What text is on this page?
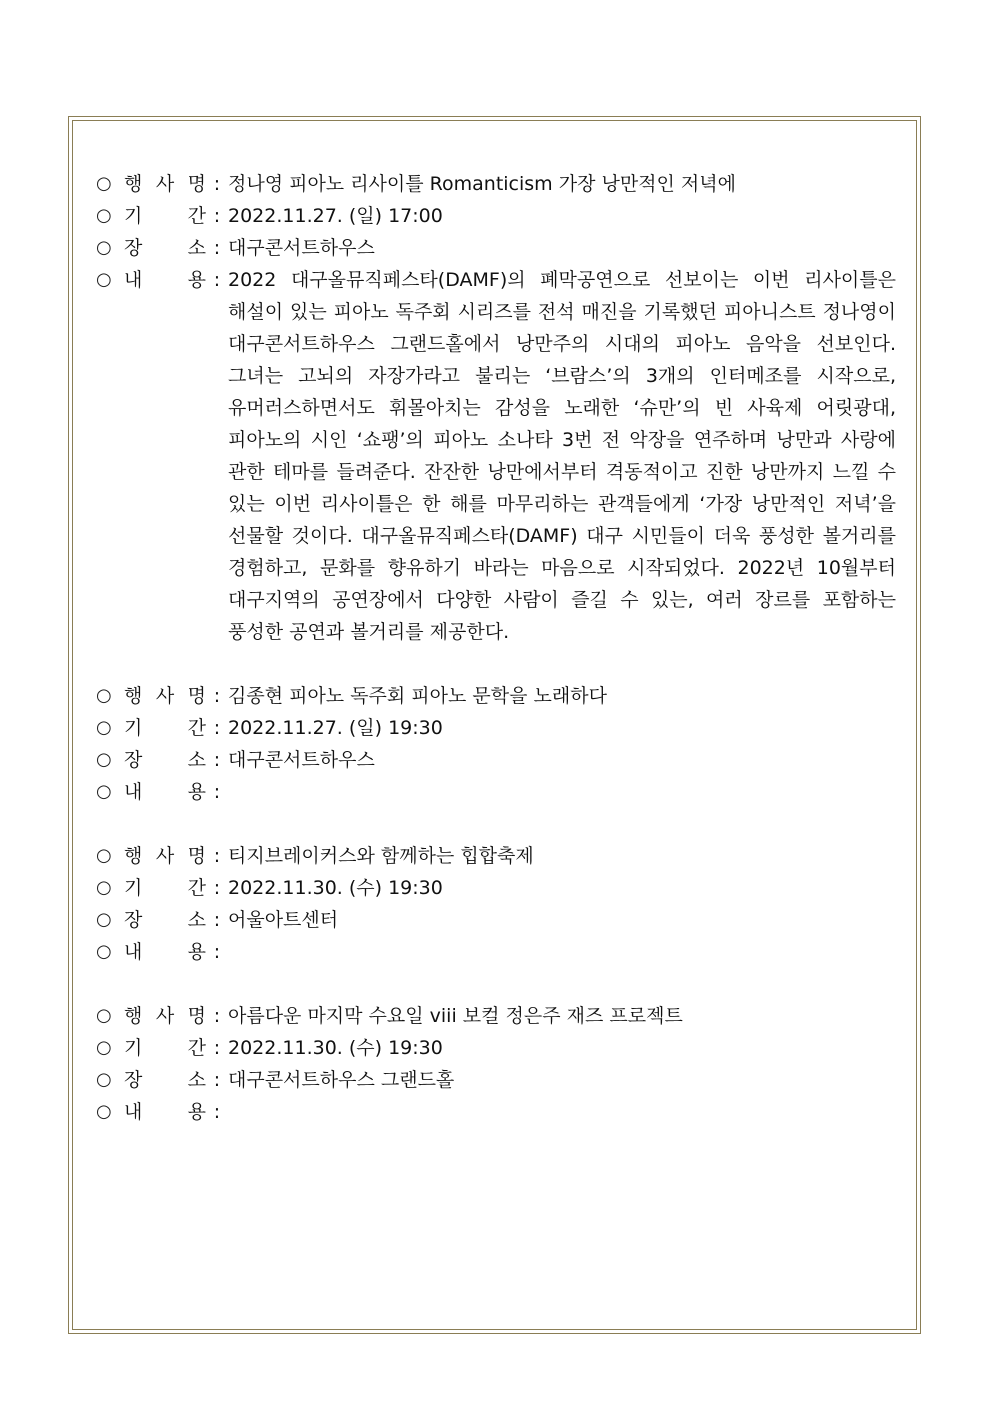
○ 행 사 명 : 정나영 피아노 리사이틀 Romanticism 가장 낭만적인 저녁에
○ 기 간 : 2022.11.27. (일) 17:00
○ 장 소 : 대구콘서트하우스
○ 내 용 : 2022 대구올뮤직페스타(DAMF)의 폐막공연으로 선보이는 이번 리사이틀은 해설이 있는 피아노 독주회 시리즈를 전석 매진을 기록했던 피아니스트 정나영이 대구콘서트하우스 그랜드홀에서 낭만주의 시대의 피아노 음악을 선보인다. 그녀는 고뇌의 자장가라고 불리는 ‘브람스’의 3개의 인터메조를 시작으로, 유머러스하면서도 휘몰아치는 감성을 노래한 ‘슈만’의 빈 사육제 어릿광대, 피아노의 시인 ‘쇼팽’의 피아노 소나타 3번 전 악장을 연주하며 낭만과 사랑에 관한 테마를 들려준다. 잔잔한 낭만에서부터 격동적이고 진한 낭만까지 느낄 수 있는 이번 리사이틀은 한 해를 마무리하는 관객들에게 ‘가장 낭만적인 저녁’을 선물할 것이다. 대구올뮤직페스타(DAMF) 대구 시민들이 더욱 풍성한 볼거리를 경험하고, 문화를 향유하기 바라는 마음으로 시작되었다. 2022년 10월부터 대구지역의 공연장에서 다양한 사람이 즐길 수 있는, 여러 장르를 포함하는 풍성한 공연과 볼거리를 제공한다.
○ 행 사 명 : 김종현 피아노 독주회 피아노 문학을 노래하다
○ 기 간 : 2022.11.27. (일) 19:30
○ 장 소 : 대구콘서트하우스
○ 내 용 :
○ 행 사 명 : 티지브레이커스와 함께하는 힙합축제
○ 기 간 : 2022.11.30. (수) 19:30
○ 장 소 : 어울아트센터
○ 내 용 :
○ 행 사 명 : 아름다운 마지막 수요일 viii 보컬 정은주 재즈 프로젝트
○ 기 간 : 2022.11.30. (수) 19:30
○ 장 소 : 대구콘서트하우스 그랜드홀
○ 내 용 :
